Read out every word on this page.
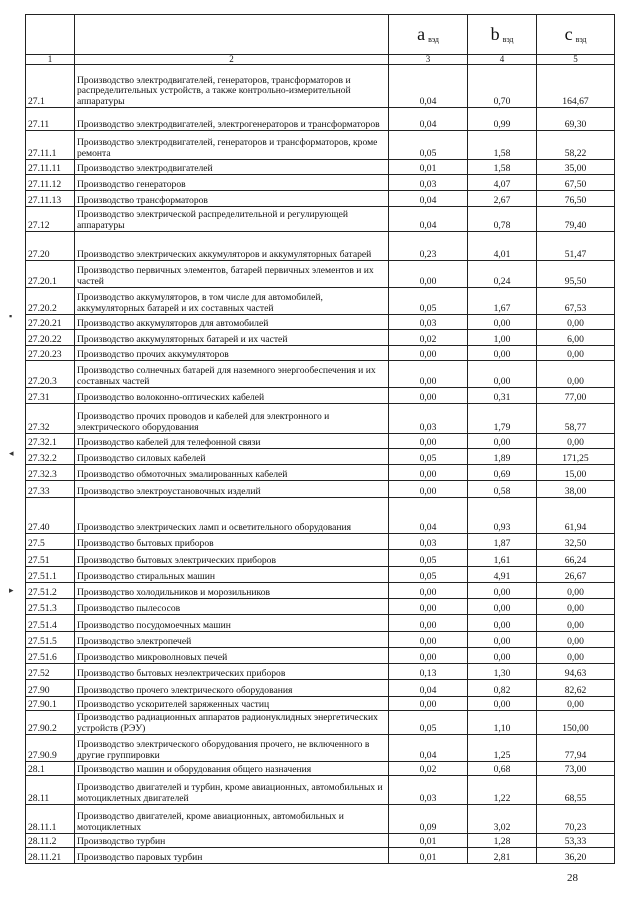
		a $_{вэд}$	b $_{вэд}$	c $_{вэд}$
1	2	3	4	5
27.1	Производство электродвигателей, генераторов, трансформаторов и распределительных устройств, а также контрольно-измерительной аппаратуры	0,04	0,70	164,67
27.11	Производство электродвигателей, электрогенераторов и трансформаторов	0,04	0,99	69,30
27.11.1	Производство электродвигателей, генераторов и трансформаторов, кроме ремонта	0,05	1,58	58,22
27.11.11	Производство электродвигателей	0,01	1,58	35,00
27.11.12	Производство генераторов	0,03	4,07	67,50
27.11.13	Производство трансформаторов	0,04	2,67	76,50
27.12	Производство электрической распределительной и регулирующей аппаратуры	0,04	0,78	79,40
27.20	Производство электрических аккумуляторов и аккумуляторных батарей	0,23	4,01	51,47
27.20.1	Производство первичных элементов, батарей первичных элементов и их частей	0,00	0,24	95,50
27.20.2	Производство аккумуляторов, в том числе для автомобилей, аккумуляторных батарей и их составных частей	0,05	1,67	67,53
27.20.21	Производство аккумуляторов для автомобилей	0,03	0,00	0,00
27.20.22	Производство аккумуляторных батарей и их частей	0,02	1,00	6,00
27.20.23	Производство прочих аккумуляторов	0,00	0,00	0,00
27.20.3	Производство солнечных батарей для наземного энергообеспечения и их составных частей	0,00	0,00	0,00
27.31	Производство волоконно-оптических кабелей	0,00	0,31	77,00
27.32	Производство прочих проводов и кабелей для электронного и электрического оборудования	0,03	1,79	58,77
27.32.1	Производство кабелей для телефонной связи	0,00	0,00	0,00
27.32.2	Производство силовых кабелей	0,05	1,89	171,25
27.32.3	Производство обмоточных эмалированных кабелей	0,00	0,69	15,00
27.33	Производство электроустановочных изделий	0,00	0,58	38,00
27.40	Производство электрических ламп и осветительного оборудования	0,04	0,93	61,94
27.5	Производство бытовых приборов	0,03	1,87	32,50
27.51	Производство бытовых электрических приборов	0,05	1,61	66,24
27.51.1	Производство стиральных машин	0,05	4,91	26,67
27.51.2	Производство холодильников и морозильников	0,00	0,00	0,00
27.51.3	Производство пылесосов	0,00	0,00	0,00
27.51.4	Производство посудомоечных машин	0,00	0,00	0,00
27.51.5	Производство электропечей	0,00	0,00	0,00
27.51.6	Производство микроволновых печей	0,00	0,00	0,00
27.52	Производство бытовых неэлектрических приборов	0,13	1,30	94,63
27.90	Производство прочего электрического оборудования	0,04	0,82	82,62
27.90.1	Производство ускорителей заряженных частиц	0,00	0,00	0,00
27.90.2	Производство радиационных аппаратов радионуклидных энергетических устройств (РЭУ)	0,05	1,10	150,00
27.90.9	Производство электрического оборудования прочего, не включенного в другие группировки	0,04	1,25	77,94
28.1	Производство машин и оборудования общего назначения	0,02	0,68	73,00
28.11	Производство двигателей и турбин, кроме авиационных, автомобильных и мотоциклетных двигателей	0,03	1,22	68,55
28.11.1	Производство двигателей, кроме авиационных, автомобильных и мотоциклетных	0,09	3,02	70,23
28.11.2	Производство турбин	0,01	1,28	53,33
28.11.21	Производство паровых турбин	0,01	2,81	36,20
28
▪
◂
▸
